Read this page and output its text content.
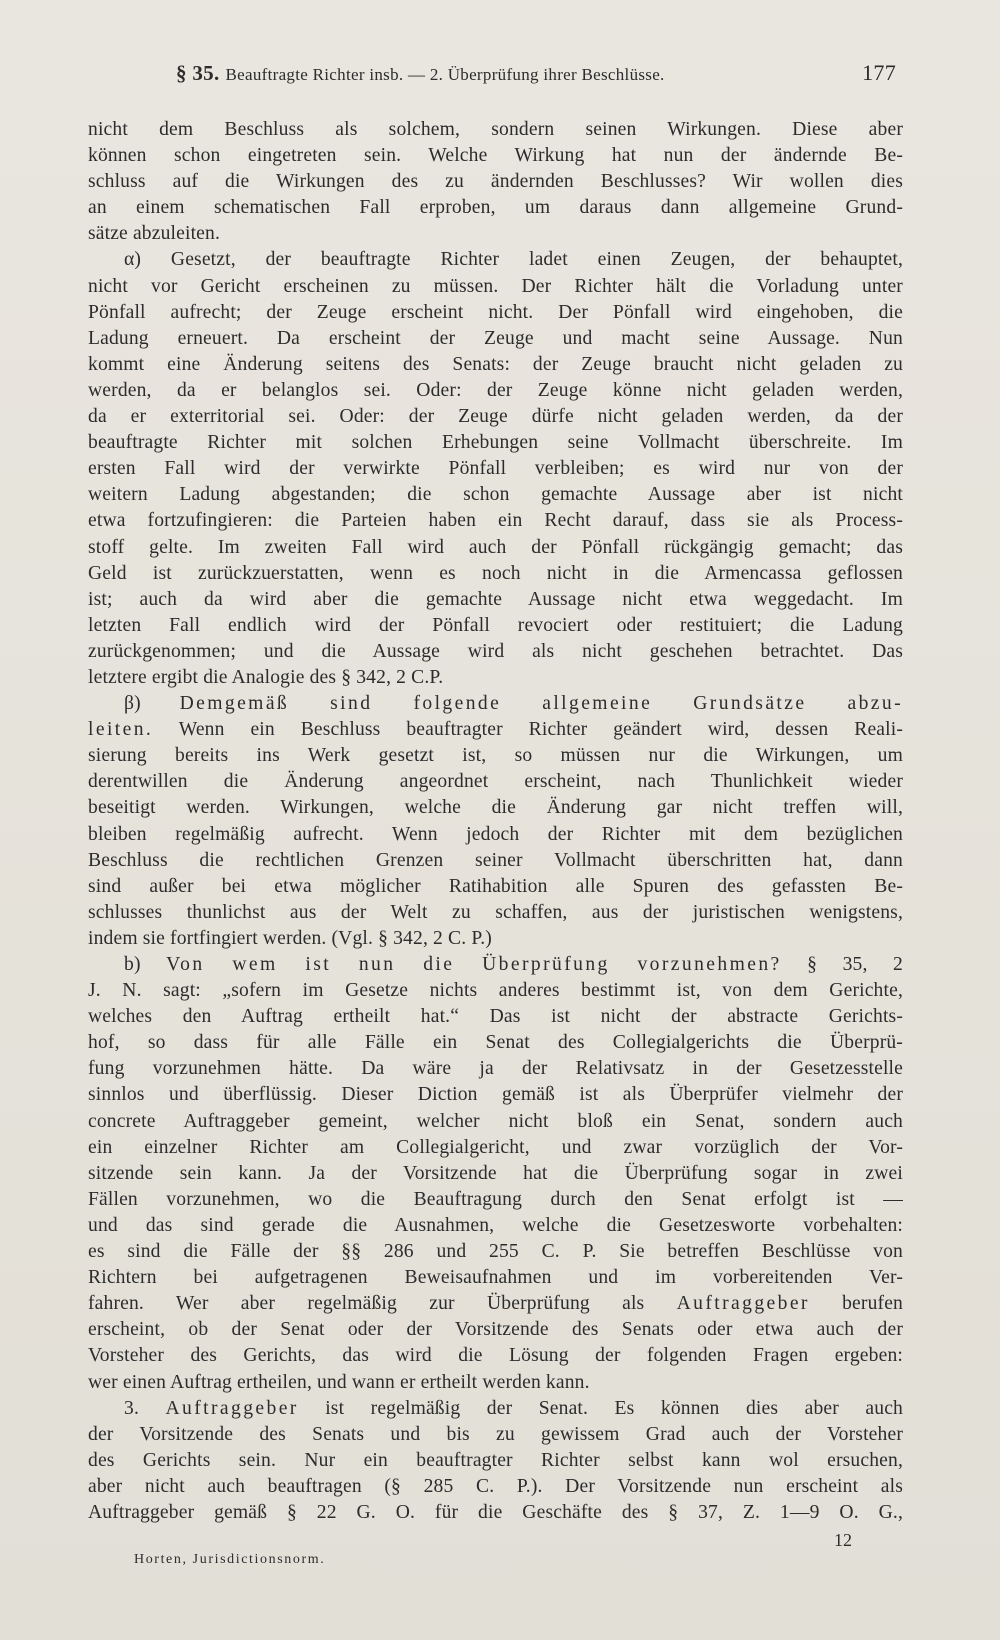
§ 35. Beauftragte Richter insb. — 2. Überprüfung ihrer Beschlüsse.	177
nicht dem Beschluss als solchem, sondern seinen Wirkungen. Diese aber
können schon eingetreten sein. Welche Wirkung hat nun der ändernde Be-
schluss auf die Wirkungen des zu ändernden Beschlusses? Wir wollen dies
an einem schematischen Fall erproben, um daraus dann allgemeine Grund-
sätze abzuleiten.
α) Gesetzt, der beauftragte Richter ladet einen Zeugen, der behauptet,
nicht vor Gericht erscheinen zu müssen. Der Richter hält die Vorladung unter
Pönfall aufrecht; der Zeuge erscheint nicht. Der Pönfall wird eingehoben, die
Ladung erneuert. Da erscheint der Zeuge und macht seine Aussage. Nun
kommt eine Änderung seitens des Senats: der Zeuge braucht nicht geladen zu
werden, da er belanglos sei. Oder: der Zeuge könne nicht geladen werden,
da er exterritorial sei. Oder: der Zeuge dürfe nicht geladen werden, da der
beauftragte Richter mit solchen Erhebungen seine Vollmacht überschreite. Im
ersten Fall wird der verwirkte Pönfall verbleiben; es wird nur von der
weitern Ladung abgestanden; die schon gemachte Aussage aber ist nicht
etwa fortzufingieren: die Parteien haben ein Recht darauf, dass sie als Process-
stoff gelte. Im zweiten Fall wird auch der Pönfall rückgängig gemacht; das
Geld ist zurückzuerstatten, wenn es noch nicht in die Armencassa geflossen
ist; auch da wird aber die gemachte Aussage nicht etwa weggedacht. Im
letzten Fall endlich wird der Pönfall revociert oder restituiert; die Ladung
zurückgenommen; und die Aussage wird als nicht geschehen betrachtet. Das
letztere ergibt die Analogie des § 342, 2 C.P.
β) Demgemäß sind folgende allgemeine Grundsätze abzu-
leiten. Wenn ein Beschluss beauftragter Richter geändert wird, dessen Reali-
sierung bereits ins Werk gesetzt ist, so müssen nur die Wirkungen, um
derentwillen die Änderung angeordnet erscheint, nach Thunlichkeit wieder
beseitigt werden. Wirkungen, welche die Änderung gar nicht treffen will,
bleiben regelmäßig aufrecht. Wenn jedoch der Richter mit dem bezüglichen
Beschluss die rechtlichen Grenzen seiner Vollmacht überschritten hat, dann
sind außer bei etwa möglicher Ratihabition alle Spuren des gefassten Be-
schlusses thunlichst aus der Welt zu schaffen, aus der juristischen wenigstens,
indem sie fortfingiert werden. (Vgl. § 342, 2 C. P.)
b) Von wem ist nun die Überprüfung vorzunehmen? § 35, 2
J. N. sagt: „sofern im Gesetze nichts anderes bestimmt ist, von dem Gerichte,
welches den Auftrag ertheilt hat.“ Das ist nicht der abstracte Gerichts-
hof, so dass für alle Fälle ein Senat des Collegialgerichts die Überprü-
fung vorzunehmen hätte. Da wäre ja der Relativsatz in der Gesetzesstelle
sinnlos und überflüssig. Dieser Diction gemäß ist als Überprüfer vielmehr der
concrete Auftraggeber gemeint, welcher nicht bloß ein Senat, sondern auch
ein einzelner Richter am Collegialgericht, und zwar vorzüglich der Vor-
sitzende sein kann. Ja der Vorsitzende hat die Überprüfung sogar in zwei
Fällen vorzunehmen, wo die Beauftragung durch den Senat erfolgt ist —
und das sind gerade die Ausnahmen, welche die Gesetzesworte vorbehalten:
es sind die Fälle der §§ 286 und 255 C. P. Sie betreffen Beschlüsse von
Richtern bei aufgetragenen Beweisaufnahmen und im vorbereitenden Ver-
fahren. Wer aber regelmäßig zur Überprüfung als Auftraggeber berufen
erscheint, ob der Senat oder der Vorsitzende des Senats oder etwa auch der
Vorsteher des Gerichts, das wird die Lösung der folgenden Fragen ergeben:
wer einen Auftrag ertheilen, und wann er ertheilt werden kann.
3. Auftraggeber ist regelmäßig der Senat. Es können dies aber auch
der Vorsitzende des Senats und bis zu gewissem Grad auch der Vorsteher
des Gerichts sein. Nur ein beauftragter Richter selbst kann wol ersuchen,
aber nicht auch beauftragen (§ 285 C. P.). Der Vorsitzende nun erscheint als
Auftraggeber gemäß § 22 G. O. für die Geschäfte des § 37, Z. 1—9 O. G.,
12
Horten, Jurisdictionsnorm.
